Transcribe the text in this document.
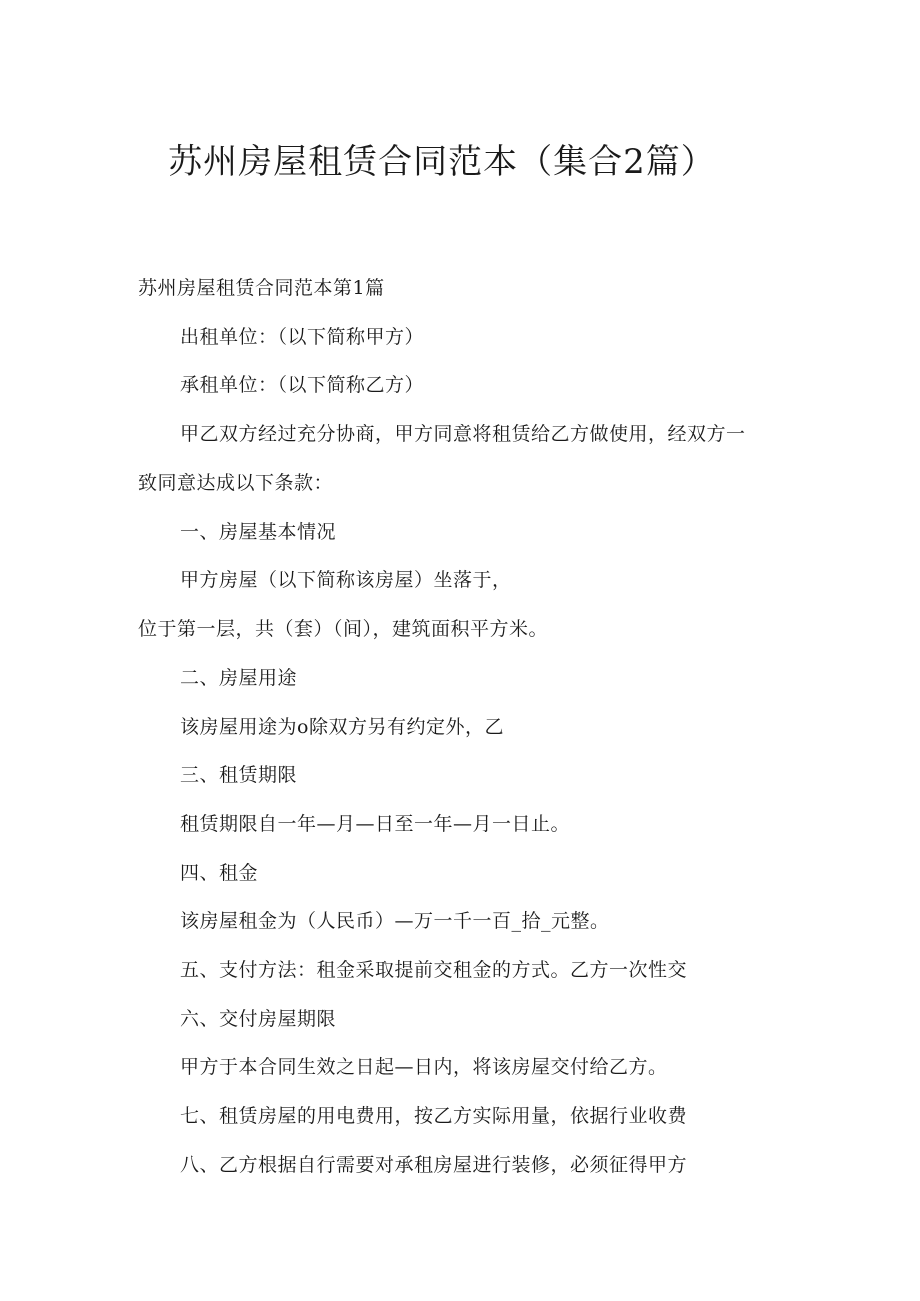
苏州房屋租赁合同范本（集合2篇）
苏州房屋租赁合同范本第1篇
出租单位：（以下简称甲方）
承租单位：（以下简称乙方）
甲乙双方经过充分协商，甲方同意将租赁给乙方做使用，经双方一
致同意达成以下条款：
一、房屋基本情况
甲方房屋（以下简称该房屋）坐落于，
位于第一层，共（套）（间），建筑面积平方米。
二、房屋用途
该房屋用途为o除双方另有约定外，乙
三、租赁期限
租赁期限自一年—月—日至一年—月一日止。
四、租金
该房屋租金为（人民币）—万一千一百_拾_元整。
五、支付方法：租金采取提前交租金的方式。乙方一次性交
六、交付房屋期限
甲方于本合同生效之日起—日内，将该房屋交付给乙方。
七、租赁房屋的用电费用，按乙方实际用量，依据行业收费
八、乙方根据自行需要对承租房屋进行装修，必须征得甲方
